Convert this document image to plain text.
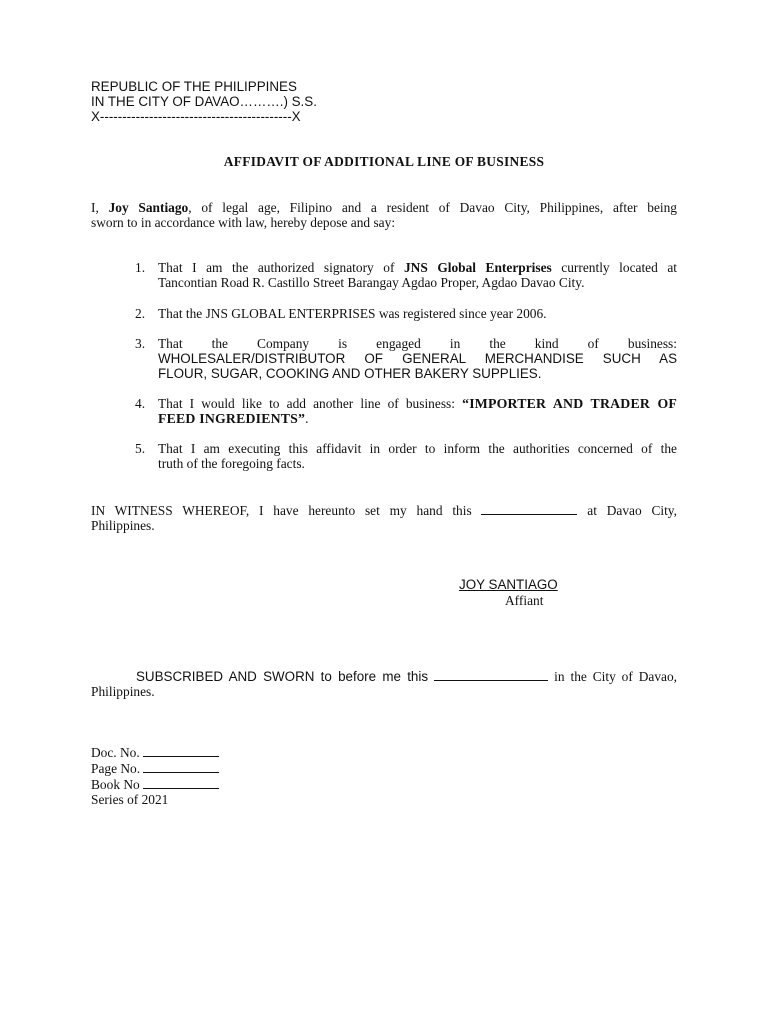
REPUBLIC OF THE PHILIPPINES
IN THE CITY OF DAVAO……….) S.S.
X-------------------------------------------X
AFFIDAVIT OF ADDITIONAL LINE OF BUSINESS
I, Joy Santiago, of legal age, Filipino and a resident of Davao City, Philippines, after being
sworn to in accordance with law, hereby depose and say:
1. That I am the authorized signatory of JNS Global Enterprises currently located at
Tancontian Road R. Castillo Street Barangay Agdao Proper, Agdao Davao City.
2. That the JNS GLOBAL ENTERPRISES was registered since year 2006.
3. That   the   Company   is   engaged   in   the   kind   of   business:
WHOLESALER/DISTRIBUTOR OF GENERAL MERCHANDISE SUCH AS
FLOUR, SUGAR, COOKING AND OTHER BAKERY SUPPLIES.
4. That I would like to add another line of business: “IMPORTER AND TRADER OF
FEED INGREDIENTS”.
5. That I am executing this affidavit in order to inform the authorities concerned of the
truth of the foregoing facts.
IN WITNESS WHEREOF, I have hereunto set my hand this	at Davao City,
Philippines.
JOY SANTIAGO
Affiant
SUBSCRIBED AND SWORN to before me this	in the City of Davao,
Philippines.
Doc. No.
Page No.
Book No
Series of 2021
